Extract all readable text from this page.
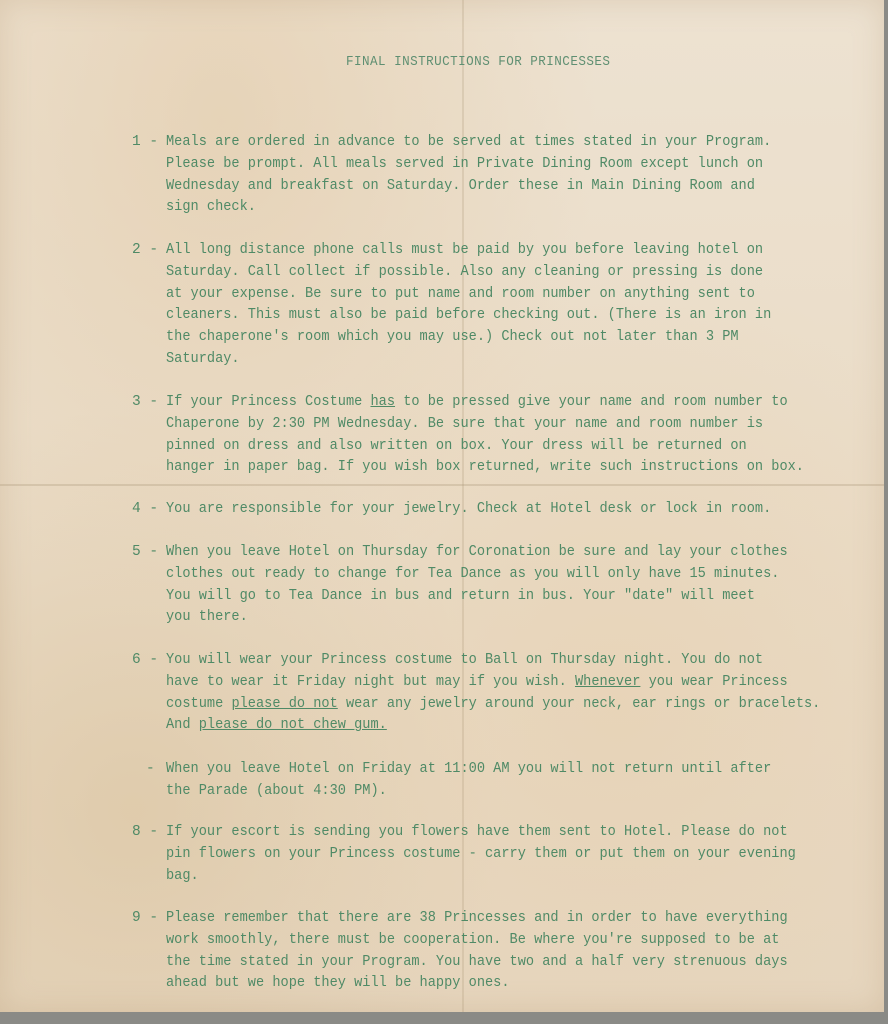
FINAL INSTRUCTIONS FOR PRINCESSES
1 - Meals are ordered in advance to be served at times stated in your Program.
Please be prompt. All meals served in Private Dining Room except lunch on
Wednesday and breakfast on Saturday. Order these in Main Dining Room and
sign check.
2 - All long distance phone calls must be paid by you before leaving hotel on
Saturday. Call collect if possible. Also any cleaning or pressing is done
at your expense. Be sure to put name and room number on anything sent to
cleaners. This must also be paid before checking out. (There is an iron in
the chaperone's room which you may use.) Check out not later than 3 PM
Saturday.
3 - If your Princess Costume has to be pressed give your name and room number to
Chaperone by 2:30 PM Wednesday. Be sure that your name and room number is
pinned on dress and also written on box. Your dress will be returned on
hanger in paper bag. If you wish box returned, write such instructions on box.
4 - You are responsible for your jewelry. Check at Hotel desk or lock in room.
5 - When you leave Hotel on Thursday for Coronation be sure and lay your clothes
clothes out ready to change for Tea Dance as you will only have 15 minutes.
You will go to Tea Dance in bus and return in bus. Your "date" will meet
you there.
6 - You will wear your Princess costume to Ball on Thursday night. You do not
have to wear it Friday night but may if you wish. Whenever you wear Princess
costume please do not wear any jewelry around your neck, ear rings or bracelets.
And please do not chew gum.
- When you leave Hotel on Friday at 11:00 AM you will not return until after
the Parade (about 4:30 PM).
8 - If your escort is sending you flowers have them sent to Hotel. Please do not
pin flowers on your Princess costume - carry them or put them on your evening
bag.
9 - Please remember that there are 38 Princesses and in order to have everything
work smoothly, there must be cooperation. Be where you're supposed to be at
the time stated in your Program. You have two and a half very strenuous days
ahead but we hope they will be happy ones.
